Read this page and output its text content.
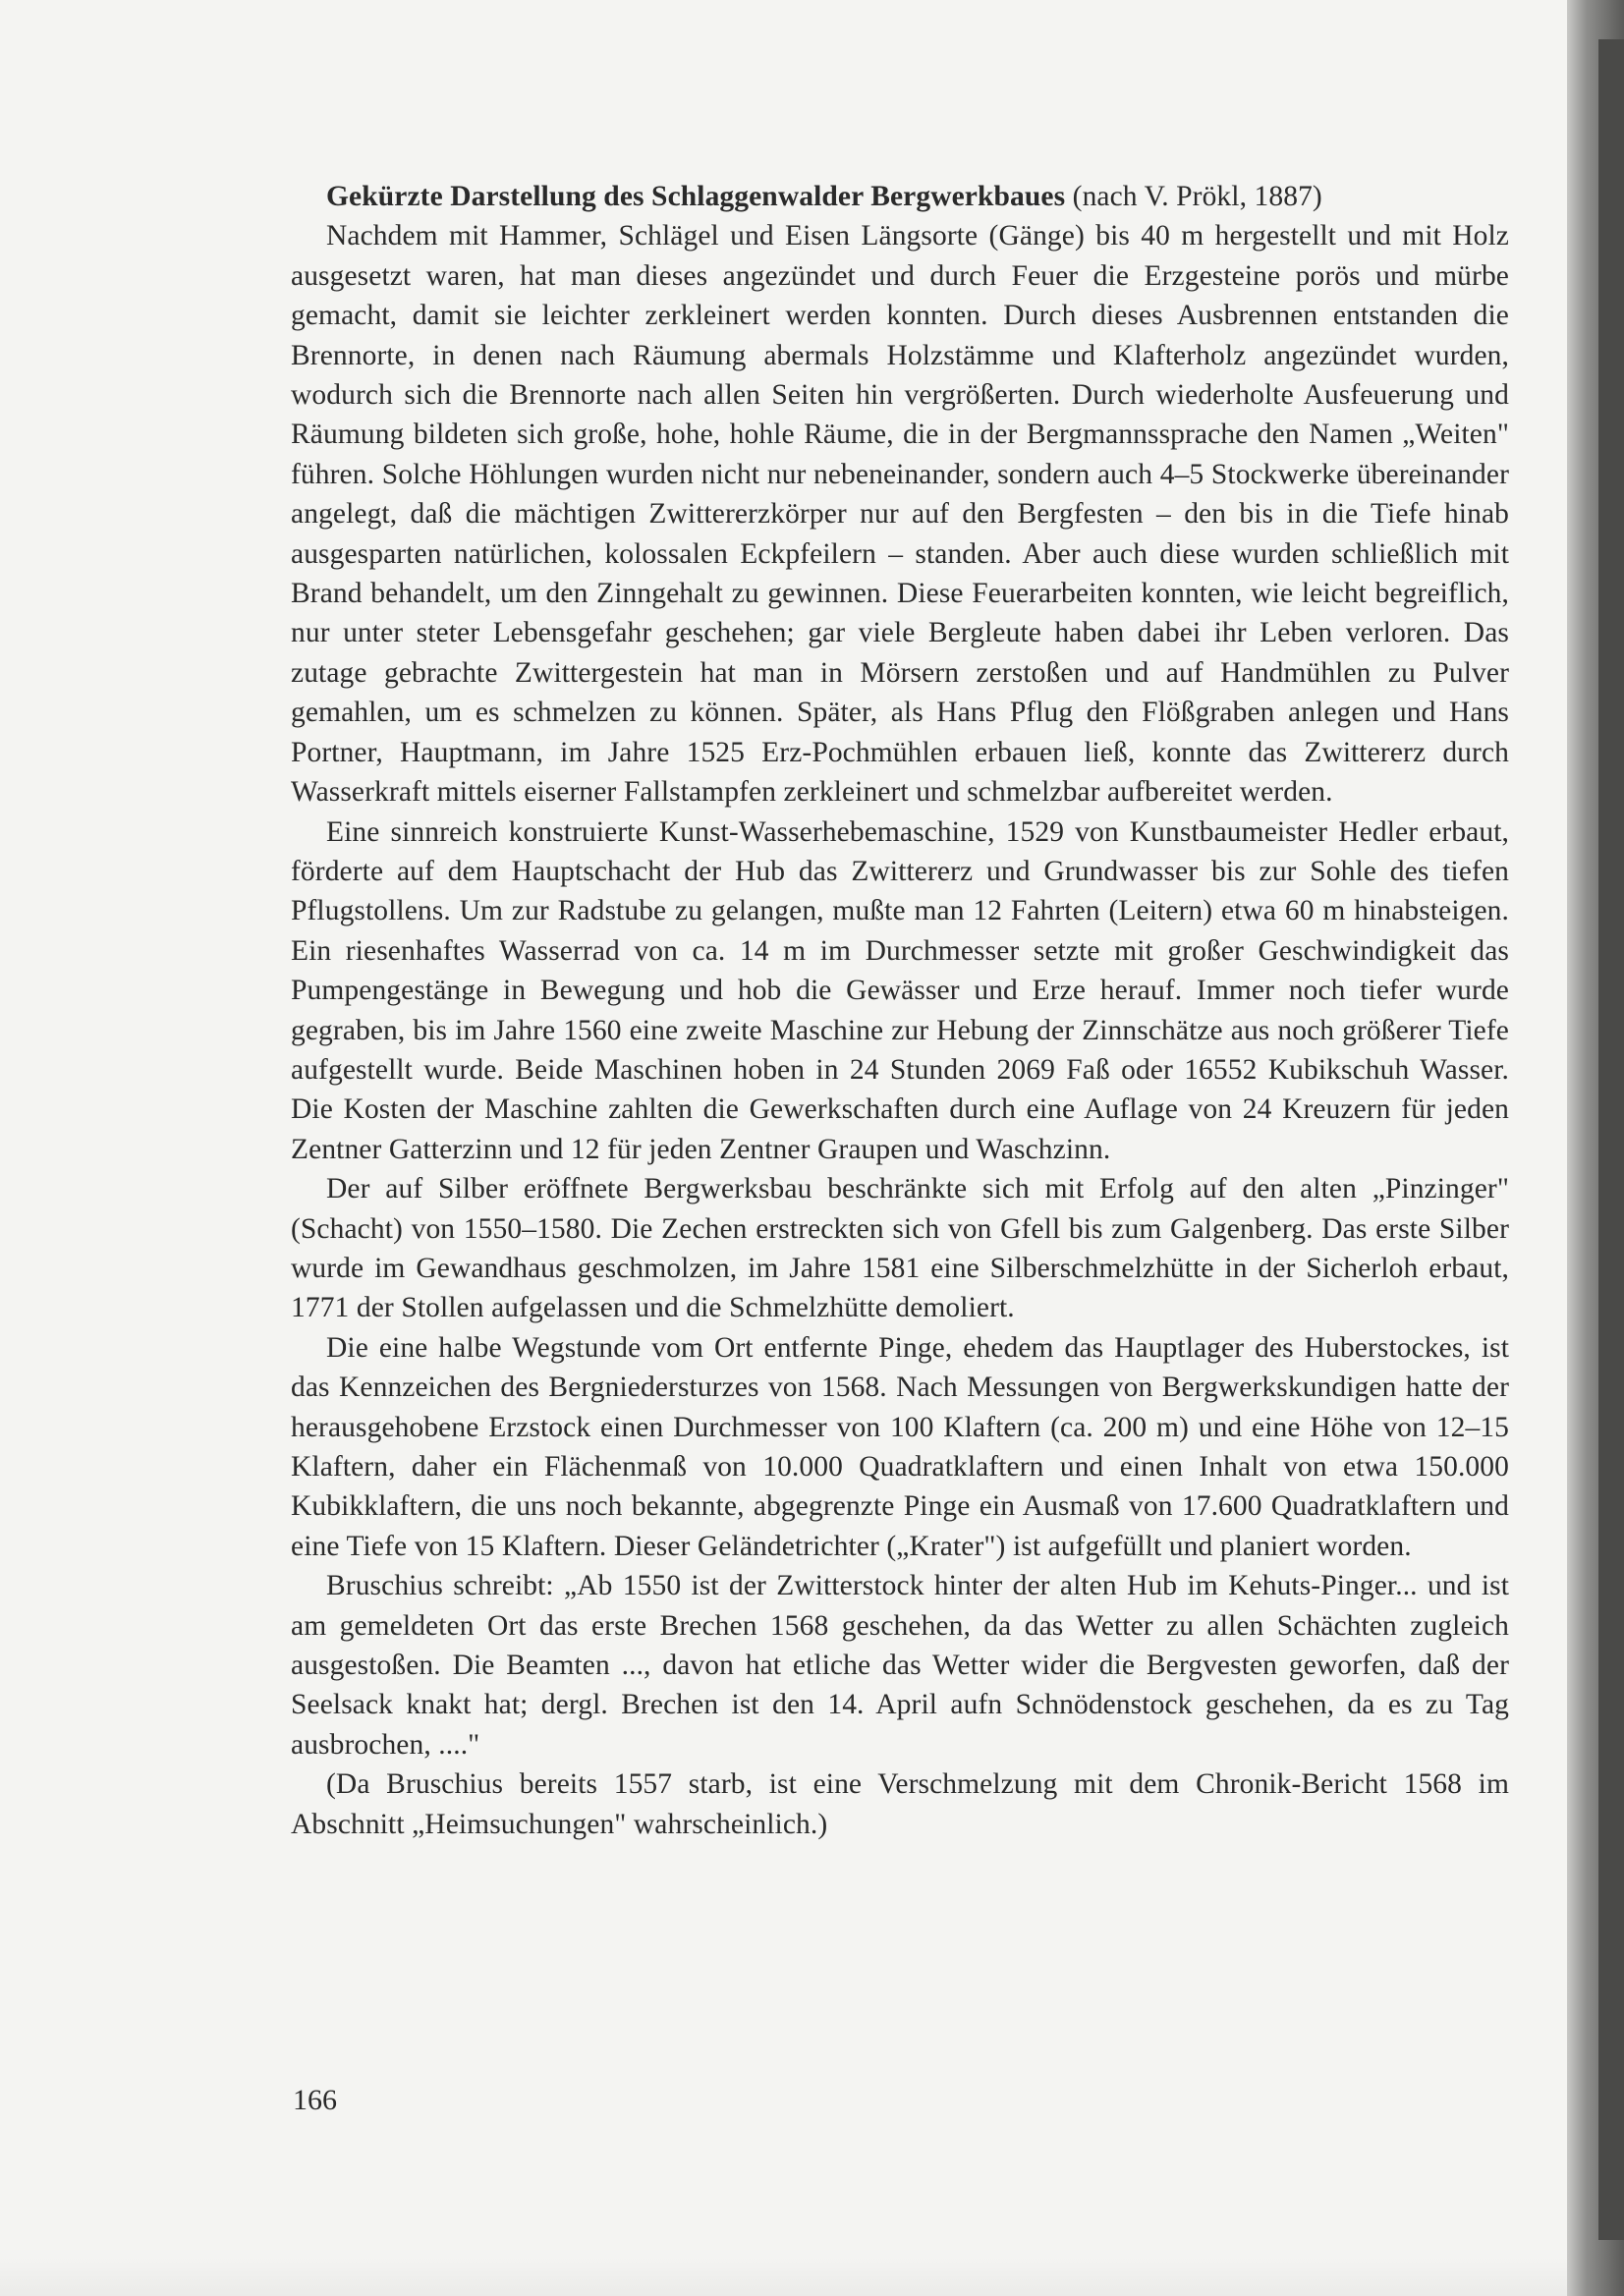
Gekürzte Darstellung des Schlaggenwalder Bergwerkbaues (nach V. Prökl, 1887)

Nachdem mit Hammer, Schlägel und Eisen Längsorte (Gänge) bis 40 m hergestellt und mit Holz ausgesetzt waren, hat man dieses angezündet und durch Feuer die Erzgesteine porös und mürbe gemacht, damit sie leichter zerkleinert werden konnten. Durch dieses Ausbrennen entstanden die Brennorte, in denen nach Räumung abermals Holzstämme und Klafterholz angezündet wurden, wodurch sich die Brennorte nach allen Seiten hin vergrößerten. Durch wiederholte Ausfeuerung und Räumung bildeten sich große, hohe, hohle Räume, die in der Bergmannssprache den Namen „Weiten" führen. Solche Höhlungen wurden nicht nur nebeneinander, sondern auch 4–5 Stockwerke übereinander angelegt, daß die mächtigen Zwittererzkörper nur auf den Bergfesten – den bis in die Tiefe hinab ausgesparten natürlichen, kolossalen Eckpfeilern – standen. Aber auch diese wurden schließlich mit Brand behandelt, um den Zinngehalt zu gewinnen. Diese Feuerarbeiten konnten, wie leicht begreiflich, nur unter steter Lebensgefahr geschehen; gar viele Bergleute haben dabei ihr Leben verloren. Das zutage gebrachte Zwittergestein hat man in Mörsern zerstoßen und auf Handmühlen zu Pulver gemahlen, um es schmelzen zu können. Später, als Hans Pflug den Flößgraben anlegen und Hans Portner, Hauptmann, im Jahre 1525 Erz-Pochmühlen erbauen ließ, konnte das Zwittererz durch Wasserkraft mittels eiserner Fallstampfen zerkleinert und schmelzbar aufbereitet werden.

Eine sinnreich konstruierte Kunst-Wasserhebemaschine, 1529 von Kunstbaumeister Hedler erbaut, förderte auf dem Hauptschacht der Hub das Zwittererz und Grundwasser bis zur Sohle des tiefen Pflugstollens. Um zur Radstube zu gelangen, mußte man 12 Fahrten (Leitern) etwa 60 m hinabsteigen. Ein riesenhaftes Wasserrad von ca. 14 m im Durchmesser setzte mit großer Geschwindigkeit das Pumpengestänge in Bewegung und hob die Gewässer und Erze herauf. Immer noch tiefer wurde gegraben, bis im Jahre 1560 eine zweite Maschine zur Hebung der Zinnschätze aus noch größerer Tiefe aufgestellt wurde. Beide Maschinen hoben in 24 Stunden 2069 Faß oder 16552 Kubikschuh Wasser. Die Kosten der Maschine zahlten die Gewerkschaften durch eine Auflage von 24 Kreuzern für jeden Zentner Gatterzinn und 12 für jeden Zentner Graupen und Waschzinn.

Der auf Silber eröffnete Bergwerksbau beschränkte sich mit Erfolg auf den alten „Pinzinger" (Schacht) von 1550–1580. Die Zechen erstreckten sich von Gfell bis zum Galgenberg. Das erste Silber wurde im Gewandhaus geschmolzen, im Jahre 1581 eine Silberschmelzhütte in der Sicherloh erbaut, 1771 der Stollen aufgelassen und die Schmelzhütte demoliert.

Die eine halbe Wegstunde vom Ort entfernte Pinge, ehedem das Hauptlager des Huberstockes, ist das Kennzeichen des Bergniedersturzes von 1568. Nach Messungen von Bergwerkskundigen hatte der herausgehobene Erzstock einen Durchmesser von 100 Klaftern (ca. 200 m) und eine Höhe von 12–15 Klaftern, daher ein Flächenmaß von 10.000 Quadratklaftern und einen Inhalt von etwa 150.000 Kubikklaftern, die uns noch bekannte, abgegrenzte Pinge ein Ausmaß von 17.600 Quadratklaftern und eine Tiefe von 15 Klaftern. Dieser Geländetrichter („Krater") ist aufgefüllt und planiert worden.

Bruschius schreibt: „Ab 1550 ist der Zwitterstock hinter der alten Hub im Kehuts-Pinger... und ist am gemeldeten Ort das erste Brechen 1568 geschehen, da das Wetter zu allen Schächten zugleich ausgestoßen. Die Beamten ..., davon hat etliche das Wetter wider die Bergvesten geworfen, daß der Seelsack knakt hat; dergl. Brechen ist den 14. April aufn Schnödenstock geschehen, da es zu Tag ausbrochen, ...."

(Da Bruschius bereits 1557 starb, ist eine Verschmelzung mit dem Chronik-Bericht 1568 im Abschnitt „Heimsuchungen" wahrscheinlich.)

166
